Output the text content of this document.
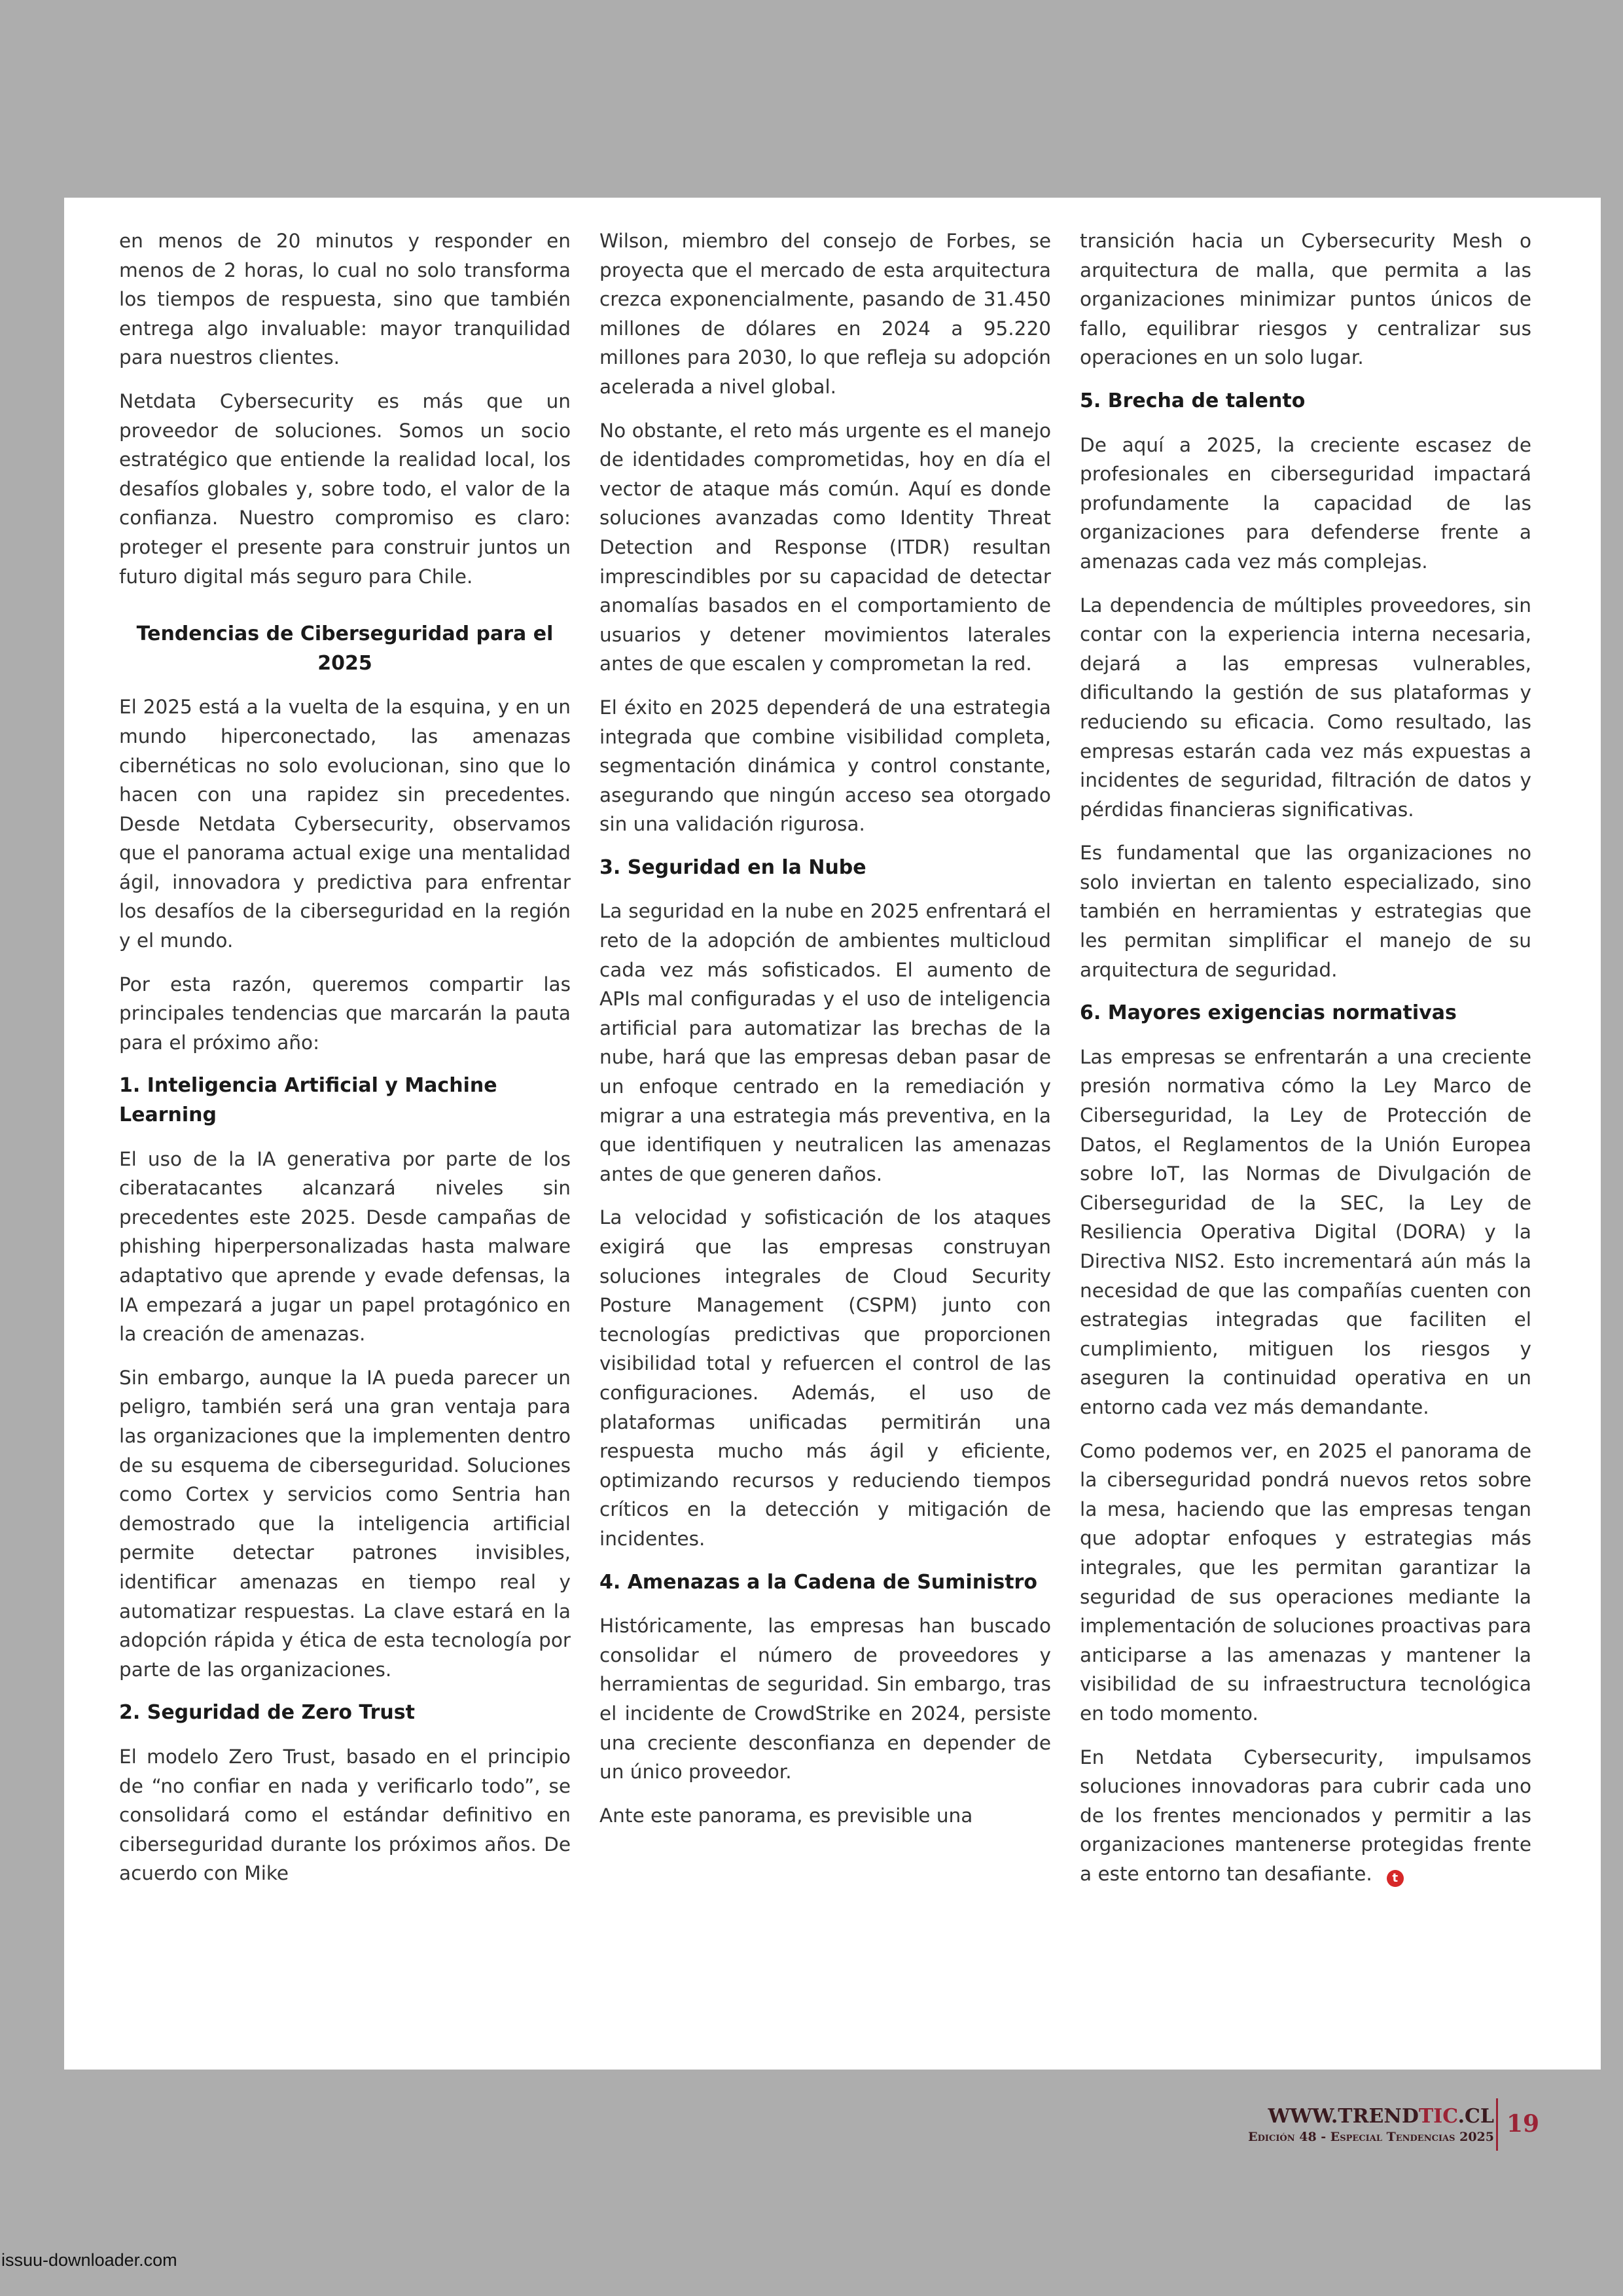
en menos de 20 minutos y responder en menos de 2 horas, lo cual no solo transforma los tiempos de respuesta, sino que también entrega algo invaluable: mayor tranquilidad para nuestros clientes.

Netdata Cybersecurity es más que un proveedor de soluciones. Somos un socio estratégico que entiende la realidad local, los desafíos globales y, sobre todo, el valor de la confianza. Nuestro compromiso es claro: proteger el presente para construir juntos un futuro digital más seguro para Chile.

Tendencias de Ciberseguridad para el 2025

El 2025 está a la vuelta de la esquina, y en un mundo hiperconectado, las amenazas cibernéticas no solo evolucionan, sino que lo hacen con una rapidez sin precedentes. Desde Netdata Cybersecurity, observamos que el panorama actual exige una mentalidad ágil, innovadora y predictiva para enfrentar los desafíos de la ciberseguridad en la región y el mundo.

Por esta razón, queremos compartir las principales tendencias que marcarán la pauta para el próximo año:

1. Inteligencia Artificial y Machine Learning

El uso de la IA generativa por parte de los ciberatacantes alcanzará niveles sin precedentes este 2025. Desde campañas de phishing hiperpersonalizadas hasta malware adaptativo que aprende y evade defensas, la IA empezará a jugar un papel protagónico en la creación de amenazas.

Sin embargo, aunque la IA pueda parecer un peligro, también será una gran ventaja para las organizaciones que la implementen dentro de su esquema de ciberseguridad. Soluciones como Cortex y servicios como Sentria han demostrado que la inteligencia artificial permite detectar patrones invisibles, identificar amenazas en tiempo real y automatizar respuestas. La clave estará en la adopción rápida y ética de esta tecnología por parte de las organizaciones.

2. Seguridad de Zero Trust

El modelo Zero Trust, basado en el principio de “no confiar en nada y verificarlo todo”, se consolidará como el estándar definitivo en ciberseguridad durante los próximos años. De acuerdo con Mike

Wilson, miembro del consejo de Forbes, se proyecta que el mercado de esta arquitectura crezca exponencialmente, pasando de 31.450 millones de dólares en 2024 a 95.220 millones para 2030, lo que refleja su adopción acelerada a nivel global.

No obstante, el reto más urgente es el manejo de identidades comprometidas, hoy en día el vector de ataque más común. Aquí es donde soluciones avanzadas como Identity Threat Detection and Response (ITDR) resultan imprescindibles por su capacidad de detectar anomalías basados en el comportamiento de usuarios y detener movimientos laterales antes de que escalen y comprometan la red.

El éxito en 2025 dependerá de una estrategia integrada que combine visibilidad completa, segmentación dinámica y control constante, asegurando que ningún acceso sea otorgado sin una validación rigurosa.

3. Seguridad en la Nube

La seguridad en la nube en 2025 enfrentará el reto de la adopción de ambientes multicloud cada vez más sofisticados. El aumento de APIs mal configuradas y el uso de inteligencia artificial para automatizar las brechas de la nube, hará que las empresas deban pasar de un enfoque centrado en la remediación y migrar a una estrategia más preventiva, en la que identifiquen y neutralicen las amenazas antes de que generen daños.

La velocidad y sofisticación de los ataques exigirá que las empresas construyan soluciones integrales de Cloud Security Posture Management (CSPM) junto con tecnologías predictivas que proporcionen visibilidad total y refuercen el control de las configuraciones. Además, el uso de plataformas unificadas permitirán una respuesta mucho más ágil y eficiente, optimizando recursos y reduciendo tiempos críticos en la detección y mitigación de incidentes.

4. Amenazas a la Cadena de Suministro

Históricamente, las empresas han buscado consolidar el número de proveedores y herramientas de seguridad. Sin embargo, tras el incidente de CrowdStrike en 2024, persiste una creciente desconfianza en depender de un único proveedor.

Ante este panorama, es previsible una

transición hacia un Cybersecurity Mesh o arquitectura de malla, que permita a las organizaciones minimizar puntos únicos de fallo, equilibrar riesgos y centralizar sus operaciones en un solo lugar.

5. Brecha de talento

De aquí a 2025, la creciente escasez de profesionales en ciberseguridad impactará profundamente la capacidad de las organizaciones para defenderse frente a amenazas cada vez más complejas.

La dependencia de múltiples proveedores, sin contar con la experiencia interna necesaria, dejará a las empresas vulnerables, dificultando la gestión de sus plataformas y reduciendo su eficacia. Como resultado, las empresas estarán cada vez más expuestas a incidentes de seguridad, filtración de datos y pérdidas financieras significativas.

Es fundamental que las organizaciones no solo inviertan en talento especializado, sino también en herramientas y estrategias que les permitan simplificar el manejo de su arquitectura de seguridad.

6. Mayores exigencias normativas

Las empresas se enfrentarán a una creciente presión normativa cómo la Ley Marco de Ciberseguridad, la Ley de Protección de Datos, el Reglamentos de la Unión Europea sobre IoT, las Normas de Divulgación de Ciberseguridad de la SEC, la Ley de Resiliencia Operativa Digital (DORA) y la Directiva NIS2. Esto incrementará aún más la necesidad de que las compañías cuenten con estrategias integradas que faciliten el cumplimiento, mitiguen los riesgos y aseguren la continuidad operativa en un entorno cada vez más demandante.

Como podemos ver, en 2025 el panorama de la ciberseguridad pondrá nuevos retos sobre la mesa, haciendo que las empresas tengan que adoptar enfoques y estrategias más integrales, que les permitan garantizar la seguridad de sus operaciones mediante la implementación de soluciones proactivas para anticiparse a las amenazas y mantener la visibilidad de su infraestructura tecnológica en todo momento.

En Netdata Cybersecurity, impulsamos soluciones innovadoras para cubrir cada uno de los frentes mencionados y permitir a las organizaciones mantenerse protegidas frente a este entorno tan desafiante. t

WWW.TRENDTIC.CL
Edición 48 - Especial Tendencias 2025 19
issuu-downloader.com
